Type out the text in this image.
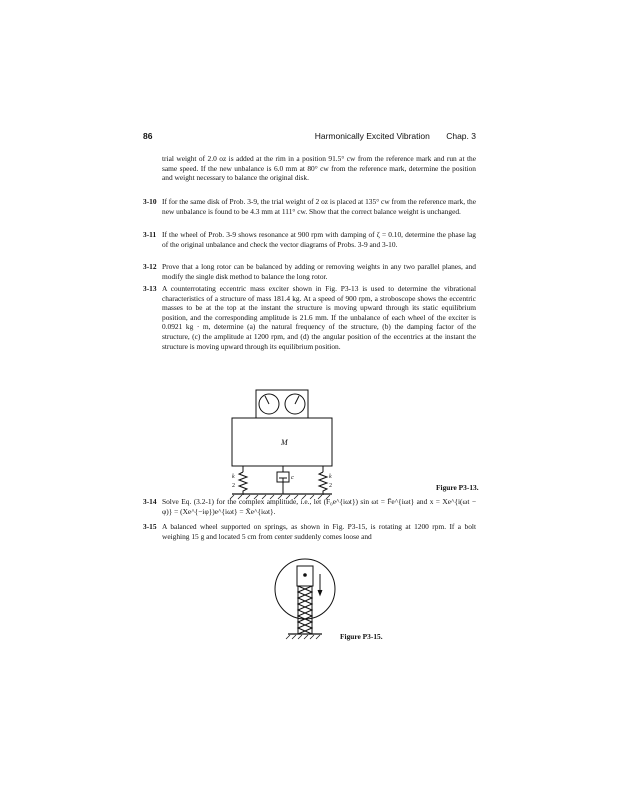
86	Harmonically Excited Vibration Chap. 3

trial weight of 2.0 oz is added at the rim in a position 91.5° cw from the reference mark and run at the same speed. If the new unbalance is 6.0 mm at 80° cw from the reference mark, determine the position and weight necessary to balance the original disk.

3-10 If for the same disk of Prob. 3-9, the trial weight of 2 oz is placed at 135° cw from the reference mark, the new unbalance is found to be 4.3 mm at 111° cw. Show that the correct balance weight is unchanged.
3-11 If the wheel of Prob. 3-9 shows resonance at 900 rpm with damping of ζ = 0.10, determine the phase lag of the original unbalance and check the vector diagrams of Probs. 3-9 and 3-10.
3-12 Prove that a long rotor can be balanced by adding or removing weights in any two parallel planes, and modify the single disk method to balance the long rotor.
3-13 A counterrotating eccentric mass exciter shown in Fig. P3-13 is used to determine the vibrational characteristics of a structure of mass 181.4 kg. At a speed of 900 rpm, a stroboscope shows the eccentric masses to be at the top at the instant the structure is moving upward through its static equilibrium position, and the corresponding amplitude is 21.6 mm. If the unbalance of each wheel of the exciter is 0.0921 kg · m, determine (a) the natural frequency of the structure, (b) the damping factor of the structure, (c) the amplitude at 1200 rpm, and (d) the angular position of the eccentrics at the instant the structure is moving upward through its equilibrium position.
M
c
k
2
k
2	Figure P3-13.
3-14 Solve Eq. (3.2-1) for the complex amplitude, i.e., let (F₀e^{iωt}) sin ωt = F̄e^{iωt} and x = Xe^{i(ωt − φ)} = (Xe^{−iφ})e^{iωt} = X̄e^{iωt}.
3-15 A balanced wheel supported on springs, as shown in Fig. P3-15, is rotating at 1200 rpm. If a bolt weighing 15 g and located 5 cm from center suddenly comes loose and
Figure P3-15.
